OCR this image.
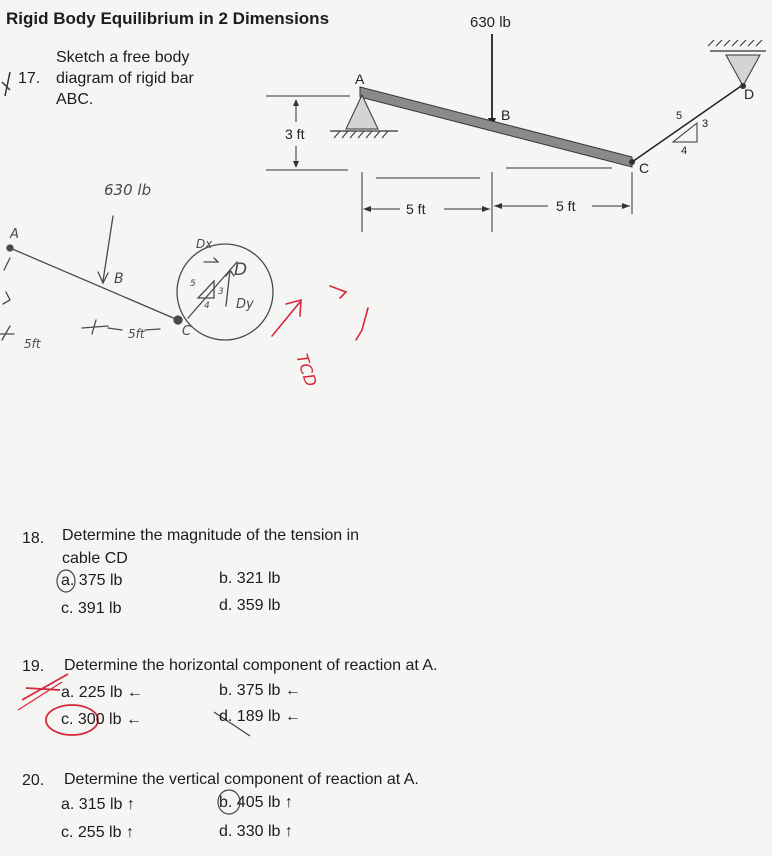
Rigid Body Equilibrium in 2 Dimensions
17.
Sketch a free body
diagram of rigid bar
ABC.
630 lb
A
B
C
D
5
3
4
3 ft
5 ft	5 ft
630 lb
A
B
C
D
Dx
Dy
5ft
5ft
5
3
4
TCD
18. Determine the magnitude of the tension in
cable CD
a. 375 lb	b. 321 lb
c. 391 lb	d. 359 lb
19. Determine the horizontal component of reaction at A.
a. 225 lb ←	b. 375 lb ←
c. 300 lb ←	d. 189 lb ←
20. Determine the vertical component of reaction at A.
a. 315 lb ↑	b. 405 lb ↑
c. 255 lb ↑	d. 330 lb ↑
